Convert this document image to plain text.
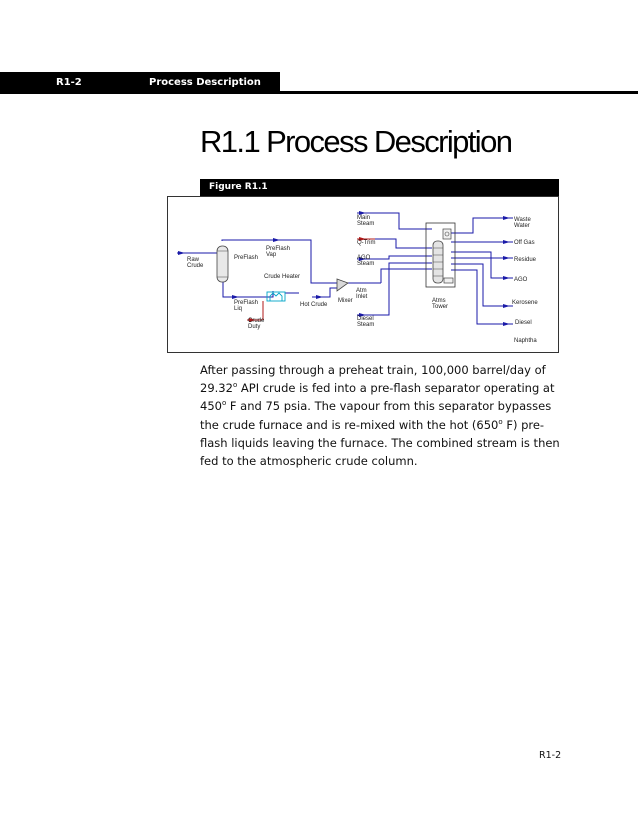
R1-2	Process Description
R1.1 Process Description
Figure R1.1
Raw
Crude
PreFlash
PreFlash
Vap
Crude Heater
PreFlash
Liq
Crude
Duty
Hot Crude
Mixer
Main
Steam
Q-Trim
AGO
Steam
Atm
Inlet
Diesel
Steam
Atms
Tower
Waste
Water
Off Gas
Residue
AGO
Kerosene
Diesel
Naphtha

After passing through a preheat train, 100,000 barrel/day of 29.32$^o$ API crude is fed into a pre-flash separator operating at 450$^o$ F and 75 psia. The vapour from this separator bypasses the crude furnace and is re-mixed with the hot (650$^o$ F) pre-flash liquids leaving the furnace. The combined stream is then fed to the atmospheric crude column.

R1-2
